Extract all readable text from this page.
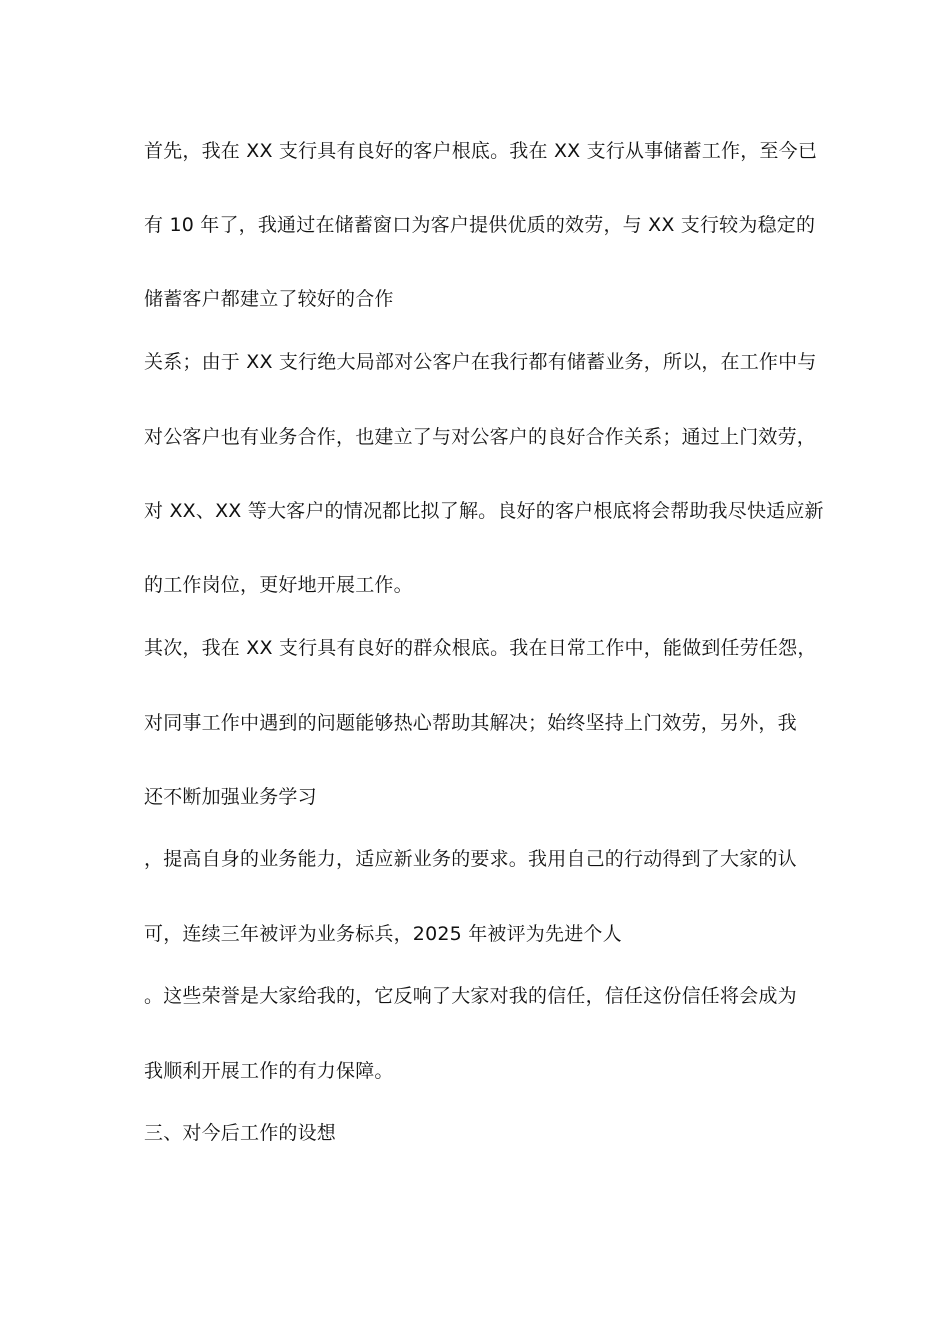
首先，我在 XX 支行具有良好的客户根底。我在 XX 支行从事储蓄工作，至今已

有 10 年了，我通过在储蓄窗口为客户提供优质的效劳，与 XX 支行较为稳定的

储蓄客户都建立了较好的合作

关系；由于 XX 支行绝大局部对公客户在我行都有储蓄业务，所以，在工作中与

对公客户也有业务合作，也建立了与对公客户的良好合作关系；通过上门效劳，

对 XX、XX 等大客户的情况都比拟了解。良好的客户根底将会帮助我尽快适应新

的工作岗位，更好地开展工作。

其次，我在 XX 支行具有良好的群众根底。我在日常工作中，能做到任劳任怨，

对同事工作中遇到的问题能够热心帮助其解决；始终坚持上门效劳，另外，我

还不断加强业务学习

，提高自身的业务能力，适应新业务的要求。我用自己的行动得到了大家的认

可，连续三年被评为业务标兵，2025 年被评为先进个人

。这些荣誉是大家给我的，它反响了大家对我的信任，信任这份信任将会成为

我顺利开展工作的有力保障。

三、对今后工作的设想
